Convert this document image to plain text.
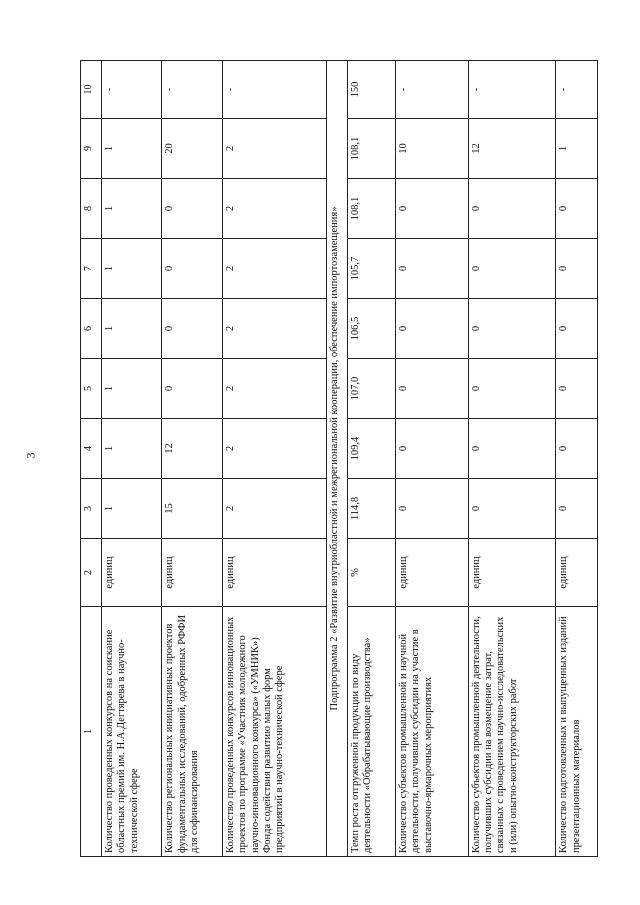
3
1	2	3	4	5	6	7	8	9	10
Количество проведенных конкурсов на соискание областных премий им. Н.А.Дегтярева в научно-технической сфере	единиц	1	1	1	1	1	1	1	-
Количество региональных инициативных проектов фундаментальных исследований, одобренных РФФИ для софинансирования	единиц	15	12	0	0	0	0	20	-
Количество проведенных конкурсов инновационных проектов по программе «Участник молодежного научно-инновационного конкурса» («УМНИК») Фонда содействия развитию малых форм предприятий в научно-технической сфере	единиц	2	2	2	2	2	2	2	-
Подпрограмма 2 «Развитие внутриобластной и межрегиональной кооперации, обеспечение импортозамещения»									
Темп роста отгруженной продукции по виду деятельности «Обрабатывающие производства»	%	114,8	109,4	107,0	106,5	105,7	108,1	108,1	150
Количество субъектов промышленной и научной деятельности, получивших субсидии на участие в выставочно-ярмарочных мероприятиях	единиц	0	0	0	0	0	0	10	-
Количество субъектов промышленной деятельности, получивших субсидии на возмещение затрат, связанных с проведением научно-исследовательских и (или) опытно-конструкторских работ	единиц	0	0	0	0	0	0	12	-
Количество подготовленных и выпущенных изданий презентационных материалов	единиц	0	0	0	0	0	0	1	-
